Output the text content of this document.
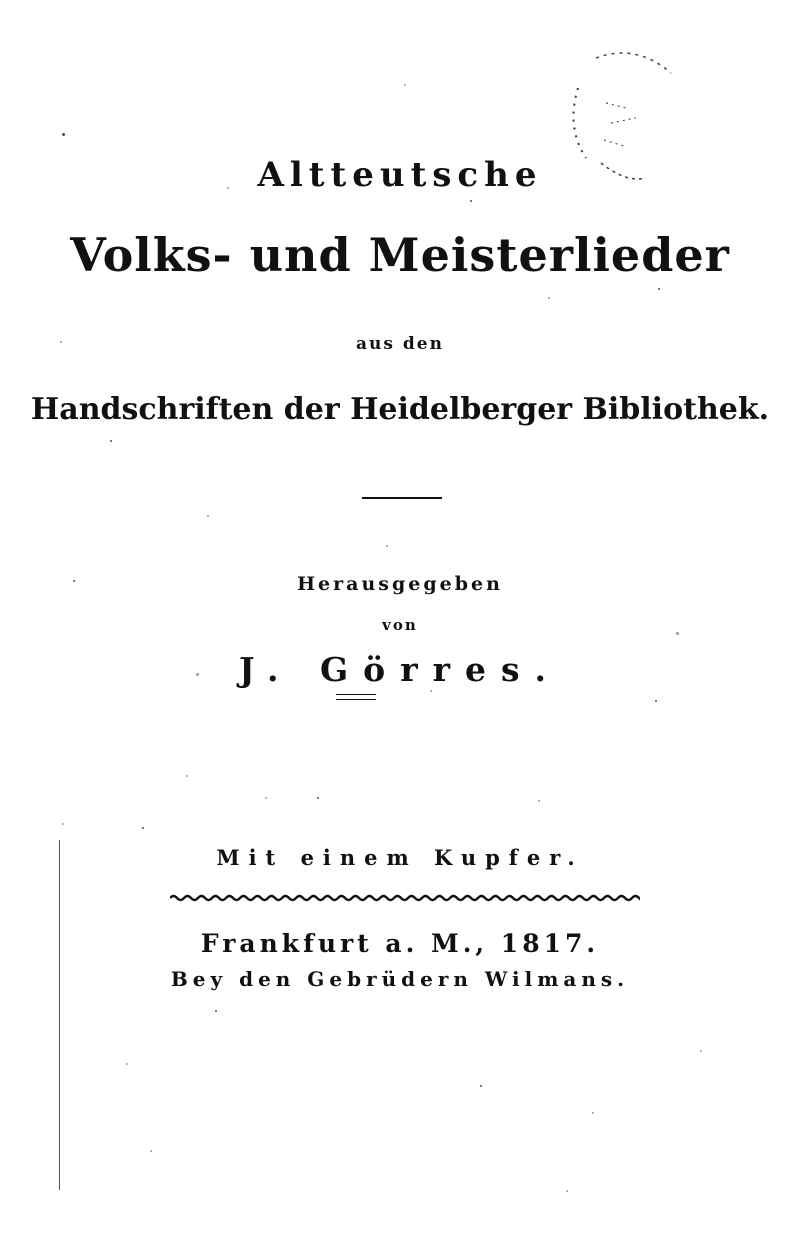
Altteutsche
Volks- und Meisterlieder
aus den
Handschriften der Heidelberger Bibliothek.
Herausgegeben
von
J. Görres.
Mit einem Kupfer.
Frankfurt a. M., 1817.
Bey den Gebrüdern Wilmans.
